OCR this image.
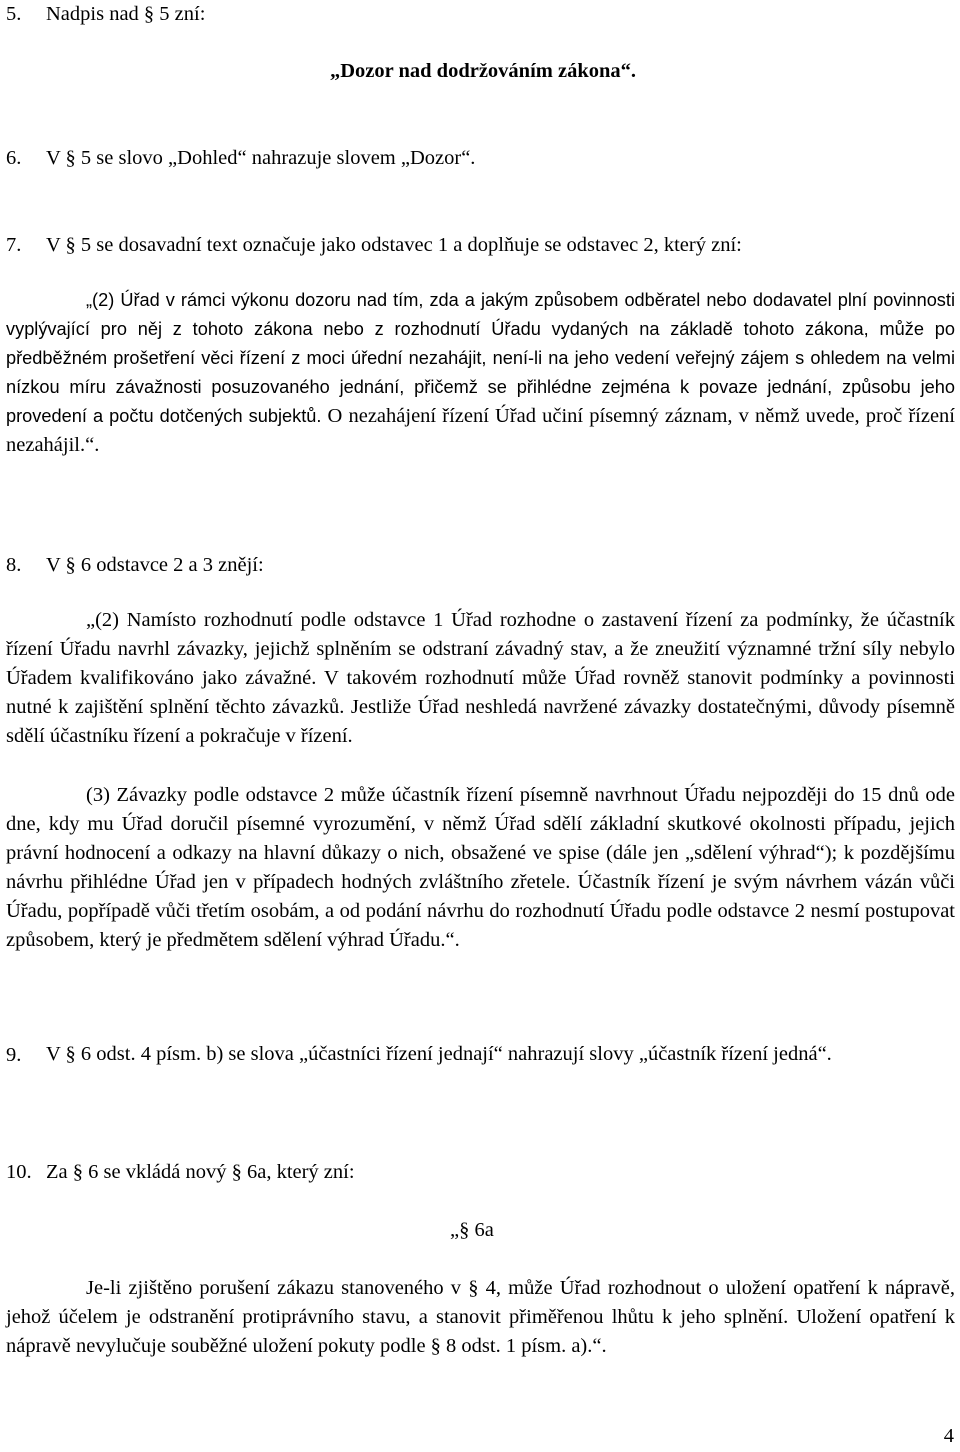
5. Nadpis nad § 5 zní:
„Dozor nad dodržováním zákona“.
6. V § 5 se slovo „Dohled“ nahrazuje slovem „Dozor“.
7. V § 5 se dosavadní text označuje jako odstavec 1 a doplňuje se odstavec 2, který zní:
„(2) Úřad v rámci výkonu dozoru nad tím, zda a jakým způsobem odběratel nebo dodavatel plní povinnosti vyplývající pro něj z tohoto zákona nebo z rozhodnutí Úřadu vydaných na základě tohoto zákona, může po předběžném prošetření věci řízení z moci úřední nezahájit, není-li na jeho vedení veřejný zájem s ohledem na velmi nízkou míru závažnosti posuzovaného jednání, přičemž se přihlédne zejména k povaze jednání, způsobu jeho provedení a počtu dotčených subjektů. O nezahájení řízení Úřad učiní písemný záznam, v němž uvede, proč řízení nezahájil.“.
8. V § 6 odstavce 2 a 3 znějí:
„(2) Namísto rozhodnutí podle odstavce 1 Úřad rozhodne o zastavení řízení za podmínky, že účastník řízení Úřadu navrhl závazky, jejichž splněním se odstraní závadný stav, a že zneužití významné tržní síly nebylo Úřadem kvalifikováno jako závažné. V takovém rozhodnutí může Úřad rovněž stanovit podmínky a povinnosti nutné k zajištění splnění těchto závazků. Jestliže Úřad neshledá navržené závazky dostatečnými, důvody písemně sdělí účastníku řízení a pokračuje v řízení.
(3) Závazky podle odstavce 2 může účastník řízení písemně navrhnout Úřadu nejpozději do 15 dnů ode dne, kdy mu Úřad doručil písemné vyrozumění, v němž Úřad sdělí základní skutkové okolnosti případu, jejich právní hodnocení a odkazy na hlavní důkazy o nich, obsažené ve spise (dále jen „sdělení výhrad“); k pozdějšímu návrhu přihlédne Úřad jen v případech hodných zvláštního zřetele. Účastník řízení je svým návrhem vázán vůči Úřadu, popřípadě vůči třetím osobám, a od podání návrhu do rozhodnutí Úřadu podle odstavce 2 nesmí postupovat způsobem, který je předmětem sdělení výhrad Úřadu.“.
9. V § 6 odst. 4 písm. b) se slova „účastníci řízení jednají“ nahrazují slovy „účastník řízení jedná“.
10. Za § 6 se vkládá nový § 6a, který zní:
„§ 6a
Je-li zjištěno porušení zákazu stanoveného v § 4, může Úřad rozhodnout o uložení opatření k nápravě, jehož účelem je odstranění protiprávního stavu, a stanovit přiměřenou lhůtu k jeho splnění. Uložení opatření k nápravě nevylučuje souběžné uložení pokuty podle § 8 odst. 1 písm. a).“.
4
